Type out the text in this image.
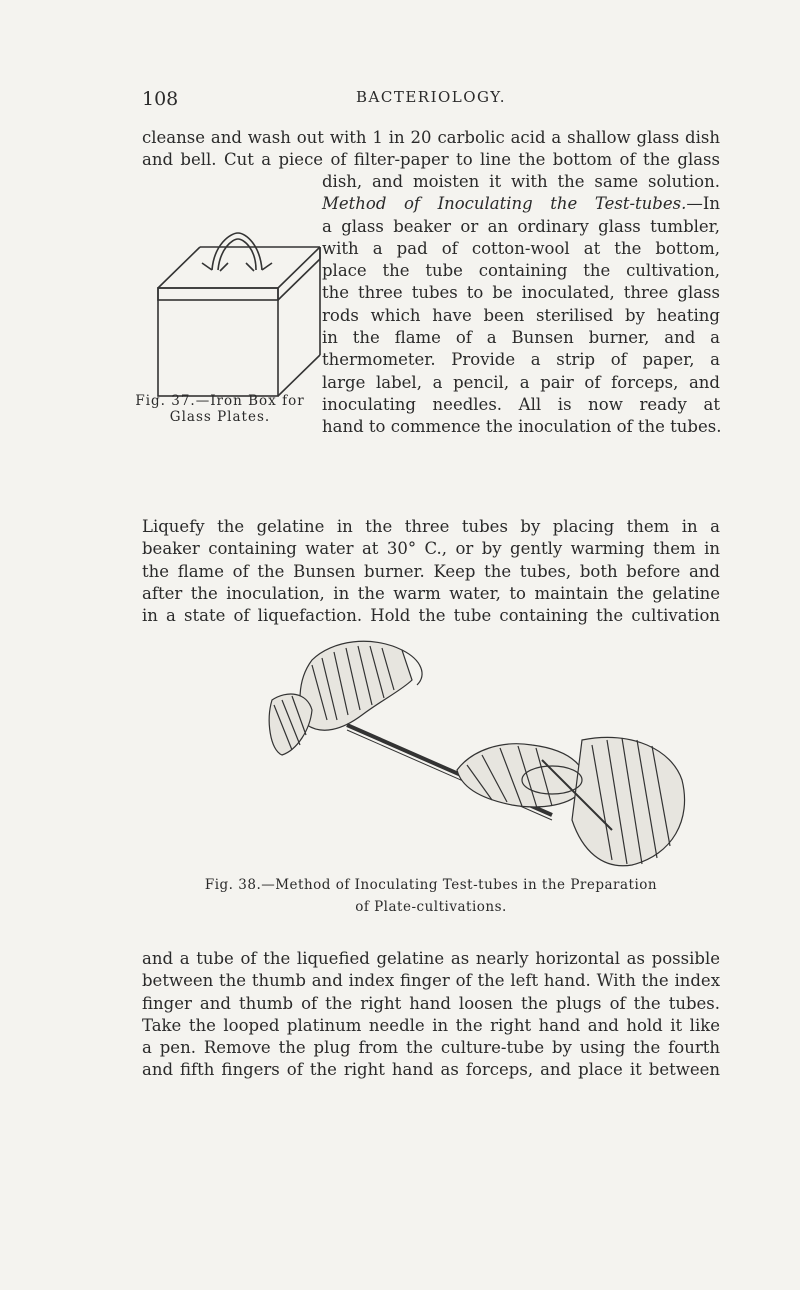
108	BACTERIOLOGY.

cleanse and wash out with 1 in 20 carbolic acid a shallow glass dish

and bell. Cut a piece of filter-paper to line the bottom of the glass

Fig. 37.—Iron Box for
Glass Plates.

dish, and moisten it with the same solution.

Method of Inoculating the Test-tubes.—In

a glass beaker or an ordinary glass tumbler,

with a pad of cotton-wool at the bottom,

place the tube containing the cultivation,

the three tubes to be inoculated, three glass

rods which have been sterilised by heating

in the flame of a Bunsen burner, and a

thermometer. Provide a strip of paper, a

large label, a pencil, a pair of forceps, and

inoculating needles. All is now ready at

hand to commence the inoculation of the tubes.

Liquefy the gelatine in the three tubes by placing them in a

beaker containing water at 30° C., or by gently warming them in

the flame of the Bunsen burner. Keep the tubes, both before and

after the inoculation, in the warm water, to maintain the gelatine

in a state of liquefaction. Hold the tube containing the cultivation

Fig. 38.—Method of Inoculating Test-tubes in the Preparation
of Plate-cultivations.

and a tube of the liquefied gelatine as nearly horizontal as possible

between the thumb and index finger of the left hand. With the index

finger and thumb of the right hand loosen the plugs of the tubes.

Take the looped platinum needle in the right hand and hold it like

a pen. Remove the plug from the culture-tube by using the fourth

and fifth fingers of the right hand as forceps, and place it between
